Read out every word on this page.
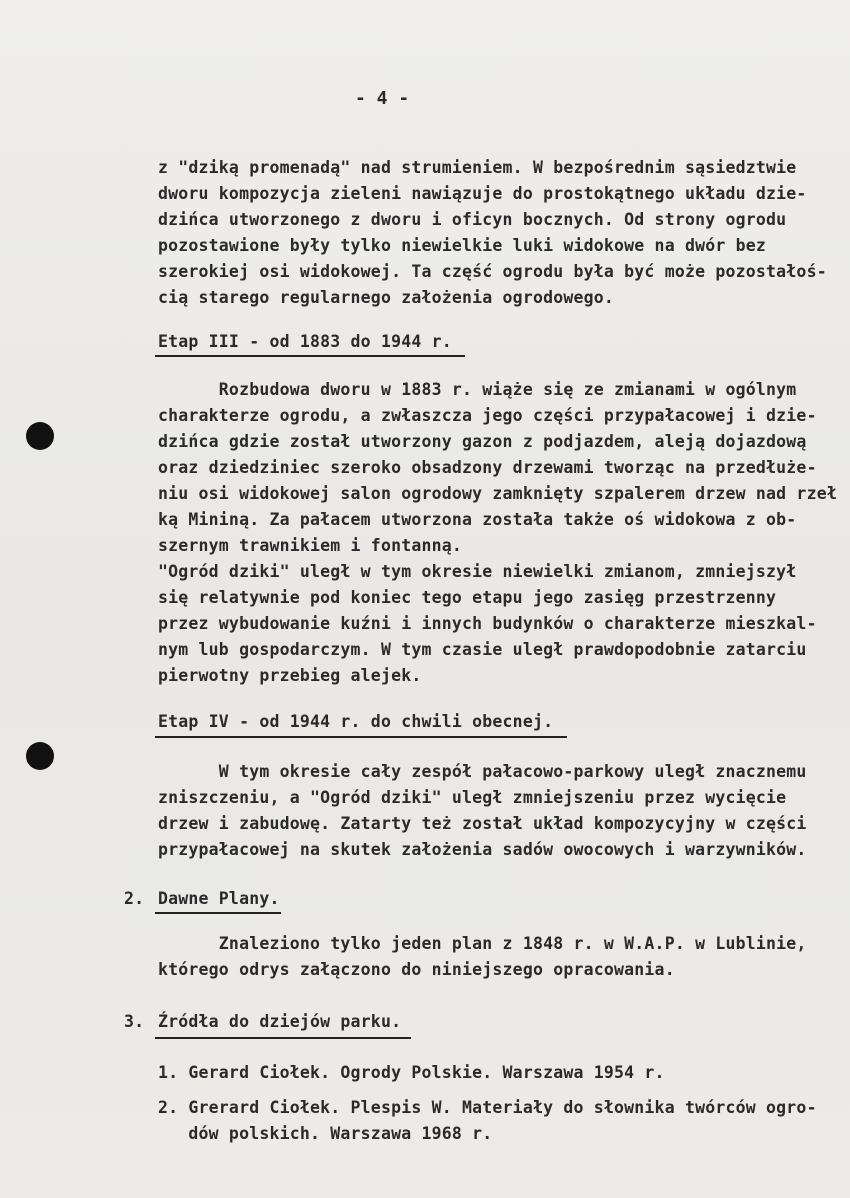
- 4 -
z "dziką promenadą" nad strumieniem. W bezpośrednim sąsiedztwie
dworu kompozycja zieleni nawiązuje do prostokątnego układu dzie-
dzińca utworzonego z dworu i oficyn bocznych. Od strony ogrodu
pozostawione były tylko niewielkie luki widokowe na dwór bez
szerokiej osi widokowej. Ta część ogrodu była być może pozostałoś-
cią starego regularnego założenia ogrodowego.
Etap III - od 1883 do 1944 r.
Rozbudowa dworu w 1883 r. wiąże się ze zmianami w ogólnym
charakterze ogrodu, a zwłaszcza jego części przypałacowej i dzie-
dzińca gdzie został utworzony gazon z podjazdem, aleją dojazdową
oraz dziedziniec szeroko obsadzony drzewami tworząc na przedłuże-
niu osi widokowej salon ogrodowy zamknięty szpalerem drzew nad rzeł
ką Mininą. Za pałacem utworzona została także oś widokowa z ob-
szernym trawnikiem i fontanną.
"Ogród dziki" uległ w tym okresie niewielki zmianom, zmniejszył
się relatywnie pod koniec tego etapu jego zasięg przestrzenny
przez wybudowanie kuźni i innych budynków o charakterze mieszkal-
nym lub gospodarczym. W tym czasie uległ prawdopodobnie zatarciu
pierwotny przebieg alejek.
Etap IV - od 1944 r. do chwili obecnej.
W tym okresie cały zespół pałacowo-parkowy uległ znacznemu
zniszczeniu, a "Ogród dziki" uległ zmniejszeniu przez wycięcie
drzew i zabudowę. Zatarty też został układ kompozycyjny w części
przypałacowej na skutek założenia sadów owocowych i warzywników.
2. Dawne Plany.
Znaleziono tylko jeden plan z 1848 r. w W.A.P. w Lublinie,
którego odrys załączono do niniejszego opracowania.
3. Źródła do dziejów parku.
1. Gerard Ciołek. Ogrody Polskie. Warszawa 1954 r.
2. Grerard Ciołek. Plespis W. Materiały do słownika twórców ogro-
dów polskich. Warszawa 1968 r.
